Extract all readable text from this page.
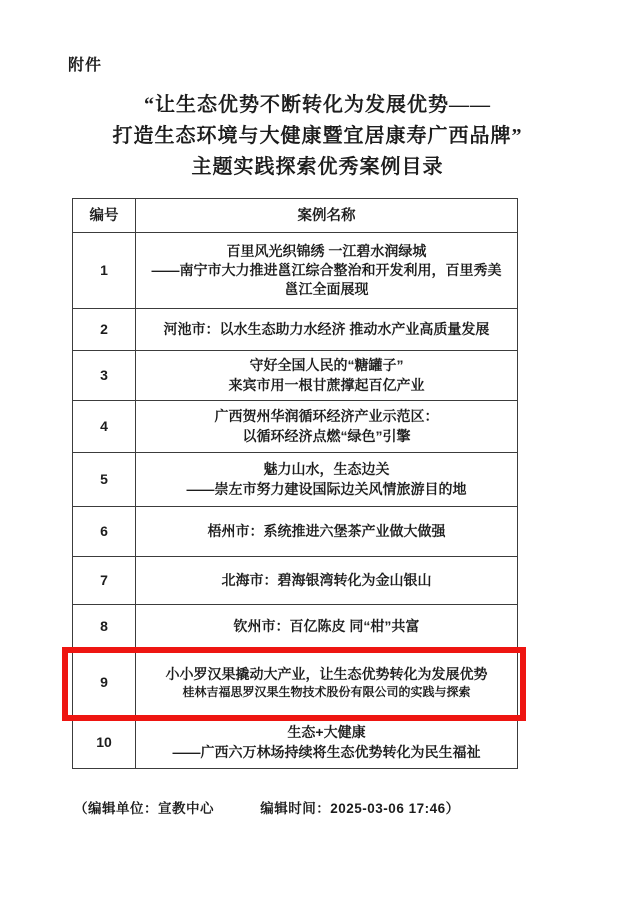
附件
“让生态优势不断转化为发展优势——
打造生态环境与大健康暨宜居康寿广西品牌”
主题实践探索优秀案例目录
编号	案例名称
1	百里风光织锦绣 一江碧水润绿城
——南宁市大力推进邕江综合整治和开发利用，百里秀美
邕江全面展现

2	河池市：以水生态助力水经济 推动水产业高质量发展

3	守好全国人民的“糖罐子”
来宾市用一根甘蔗撑起百亿产业

4	广西贺州华润循环经济产业示范区：
以循环经济点燃“绿色”引擎

5	魅力山水，生态边关
——崇左市努力建设国际边关风情旅游目的地

6	梧州市：系统推进六堡茶产业做大做强

7	北海市：碧海银湾转化为金山银山

8	钦州市：百亿陈皮 同“柑”共富

9	小小罗汉果撬动大产业，让生态优势转化为发展优势
桂林吉福思罗汉果生物技术股份有限公司的实践与探索

10	生态+大健康
——广西六万林场持续将生态优势转化为民生福祉
（编辑单位：宣教中心	编辑时间：2025-03-06 17:46）
